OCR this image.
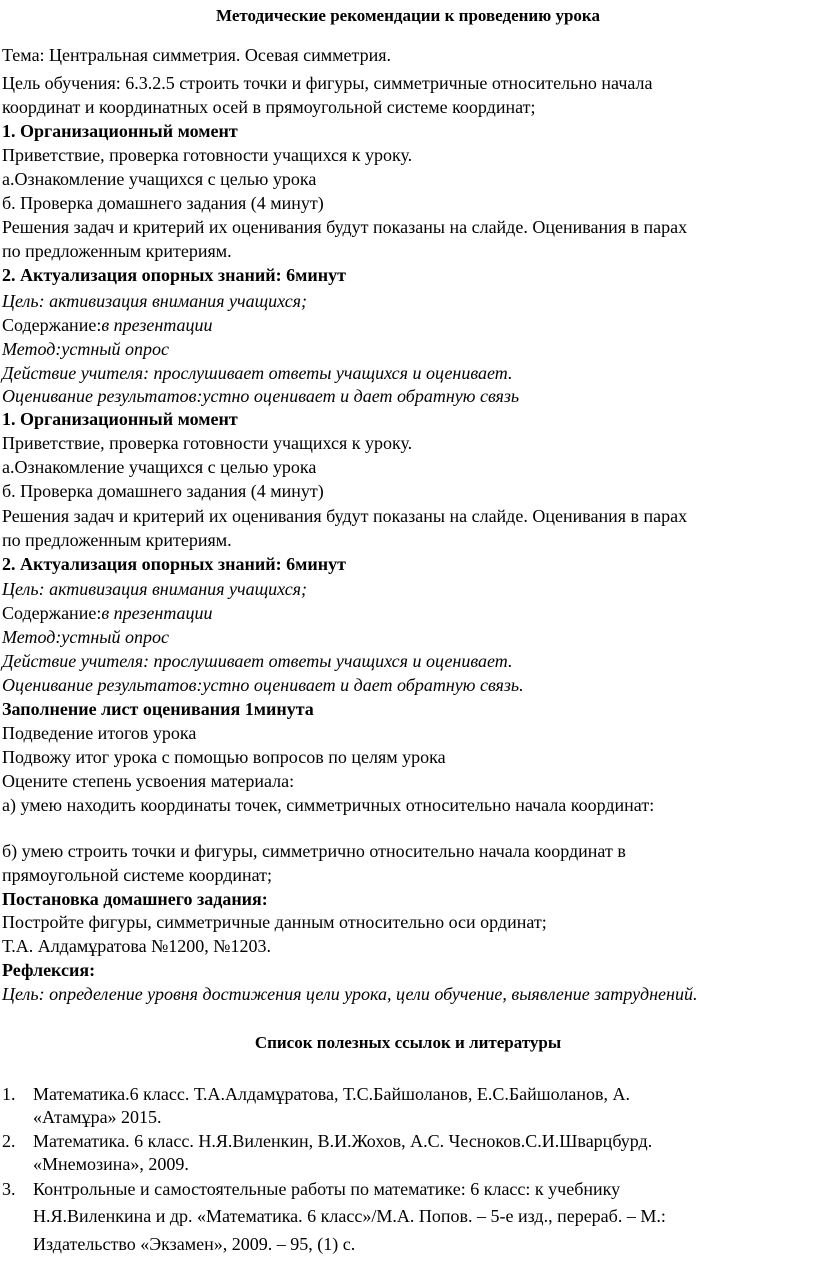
Методические рекомендации к проведению урока
Тема: Центральная симметрия. Осевая симметрия.
Цель обучения: 6.3.2.5 строить точки и фигуры, симметричные относительно начала
координат и координатных осей в прямоугольной системе координат;
1. Организационный момент
Приветствие, проверка готовности учащихся к уроку.
а.Ознакомление учащихся с целью урока
б. Проверка домашнего задания (4 минут)
Решения задач и критерий их оценивания будут показаны на слайде. Оценивания в парах
по предложенным критериям.
2. Актуализация опорных знаний: 6минут
Цель: активизация внимания учащихся;
Содержание:в презентации
Метод:устный опрос
Действие учителя: прослушивает ответы учащихся и оценивает.
Оценивание результатов:устно оценивает и дает обратную связь
1. Организационный момент
Приветствие, проверка готовности учащихся к уроку.
а.Ознакомление учащихся с целью урока
б. Проверка домашнего задания (4 минут)
Решения задач и критерий их оценивания будут показаны на слайде. Оценивания в парах
по предложенным критериям.
2. Актуализация опорных знаний: 6минут
Цель: активизация внимания учащихся;
Содержание:в презентации
Метод:устный опрос
Действие учителя: прослушивает ответы учащихся и оценивает.
Оценивание результатов:устно оценивает и дает обратную связь.
Заполнение лист оценивания 1минута
Подведение итогов урока
Подвожу итог урока с помощью вопросов по целям урока
Оцените степень усвоения материала:
а) умею находить координаты точек, симметричных относительно начала координат:
б) умею строить точки и фигуры, симметрично относительно начала координат в
прямоугольной системе координат;
Постановка домашнего задания:
Постройте фигуры, симметричные данным относительно оси ординат;
Т.А. Алдамұратова №1200, №1203.
Рефлексия:
Цель: определение уровня достижения цели урока, цели обучение, выявление затруднений.
Список полезных ссылок и литературы
1. Математика.6 класс. Т.А.Алдамұратова, Т.С.Байшоланов, Е.С.Байшоланов, А.
«Атамұра» 2015.
2. Математика. 6 класс. Н.Я.Виленкин, В.И.Жохов, А.С. Чесноков.С.И.Шварцбурд.
«Мнемозина», 2009.
3. Контрольные и самостоятельные работы по математике: 6 класс: к учебнику
Н.Я.Виленкина и др. «Математика. 6 класс»/М.А. Попов. – 5-е изд., перераб. – М.:
Издательство «Экзамен», 2009. – 95, (1) с.
